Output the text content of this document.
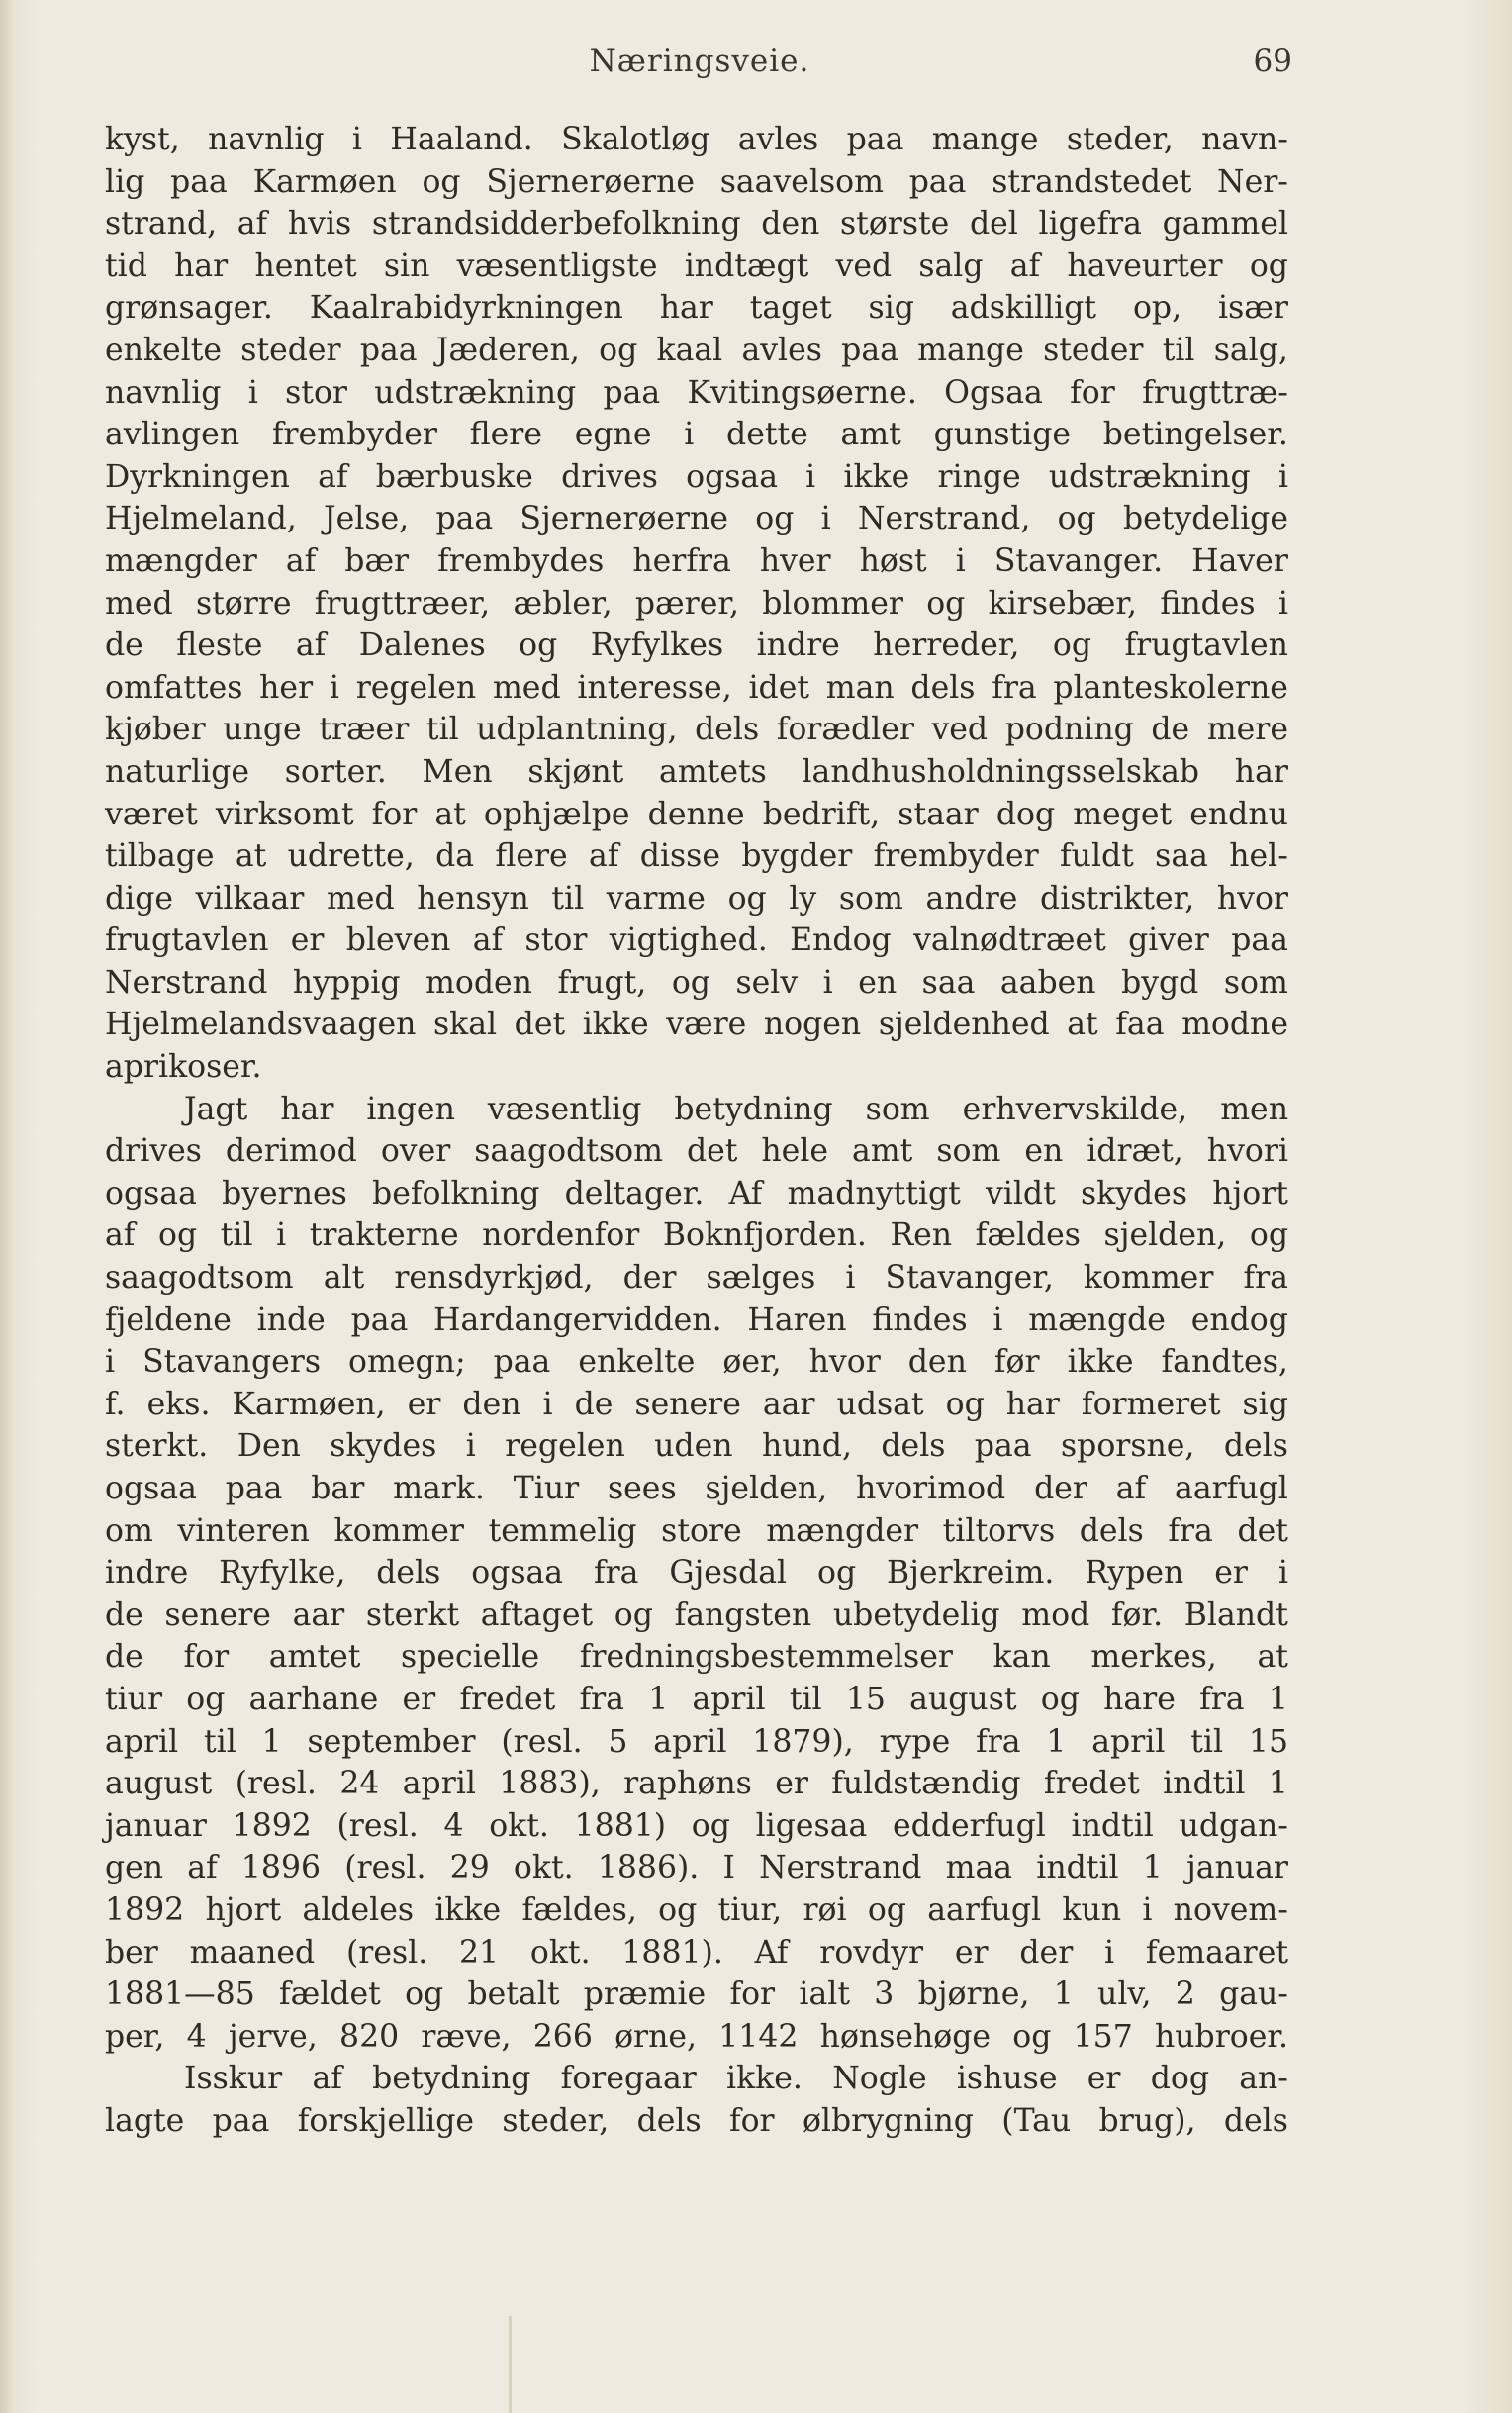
Næringsveie.	69
kyst, navnlig i Haaland. Skalotløg avles paa mange steder, navn-
lig paa Karmøen og Sjernerøerne saavelsom paa strandstedet Ner-
strand, af hvis strandsidderbefolkning den største del ligefra gammel
tid har hentet sin væsentligste indtægt ved salg af haveurter og
grønsager. Kaalrabidyrkningen har taget sig adskilligt op, især
enkelte steder paa Jæderen, og kaal avles paa mange steder til salg,
navnlig i stor udstrækning paa Kvitingsøerne. Ogsaa for frugttræ-
avlingen frembyder flere egne i dette amt gunstige betingelser.
Dyrkningen af bærbuske drives ogsaa i ikke ringe udstrækning i
Hjelmeland, Jelse, paa Sjernerøerne og i Nerstrand, og betydelige
mængder af bær frembydes herfra hver høst i Stavanger. Haver
med større frugttræer, æbler, pærer, blommer og kirsebær, findes i
de fleste af Dalenes og Ryfylkes indre herreder, og frugtavlen
omfattes her i regelen med interesse, idet man dels fra planteskolerne
kjøber unge træer til udplantning, dels forædler ved podning de mere
naturlige sorter. Men skjønt amtets landhusholdningsselskab har
været virksomt for at ophjælpe denne bedrift, staar dog meget endnu
tilbage at udrette, da flere af disse bygder frembyder fuldt saa hel-
dige vilkaar med hensyn til varme og ly som andre distrikter, hvor
frugtavlen er bleven af stor vigtighed. Endog valnødtræet giver paa
Nerstrand hyppig moden frugt, og selv i en saa aaben bygd som
Hjelmelandsvaagen skal det ikke være nogen sjeldenhed at faa modne
aprikoser.
Jagt har ingen væsentlig betydning som erhvervskilde, men
drives derimod over saagodtsom det hele amt som en idræt, hvori
ogsaa byernes befolkning deltager. Af madnyttigt vildt skydes hjort
af og til i trakterne nordenfor Boknfjorden. Ren fældes sjelden, og
saagodtsom alt rensdyrkjød, der sælges i Stavanger, kommer fra
fjeldene inde paa Hardangervidden. Haren findes i mængde endog
i Stavangers omegn; paa enkelte øer, hvor den før ikke fandtes,
f. eks. Karmøen, er den i de senere aar udsat og har formeret sig
sterkt. Den skydes i regelen uden hund, dels paa sporsne, dels
ogsaa paa bar mark. Tiur sees sjelden, hvorimod der af aarfugl
om vinteren kommer temmelig store mængder tiltorvs dels fra det
indre Ryfylke, dels ogsaa fra Gjesdal og Bjerkreim. Rypen er i
de senere aar sterkt aftaget og fangsten ubetydelig mod før. Blandt
de for amtet specielle fredningsbestemmelser kan merkes, at
tiur og aarhane er fredet fra 1 april til 15 august og hare fra 1
april til 1 september (resl. 5 april 1879), rype fra 1 april til 15
august (resl. 24 april 1883), raphøns er fuldstændig fredet indtil 1
januar 1892 (resl. 4 okt. 1881) og ligesaa edderfugl indtil udgan-
gen af 1896 (resl. 29 okt. 1886). I Nerstrand maa indtil 1 januar
1892 hjort aldeles ikke fældes, og tiur, røi og aarfugl kun i novem-
ber maaned (resl. 21 okt. 1881). Af rovdyr er der i femaaret
1881—85 fældet og betalt præmie for ialt 3 bjørne, 1 ulv, 2 gau-
per, 4 jerve, 820 ræve, 266 ørne, 1142 hønsehøge og 157 hubroer.
Isskur af betydning foregaar ikke. Nogle ishuse er dog an-
lagte paa forskjellige steder, dels for ølbrygning (Tau brug), dels
